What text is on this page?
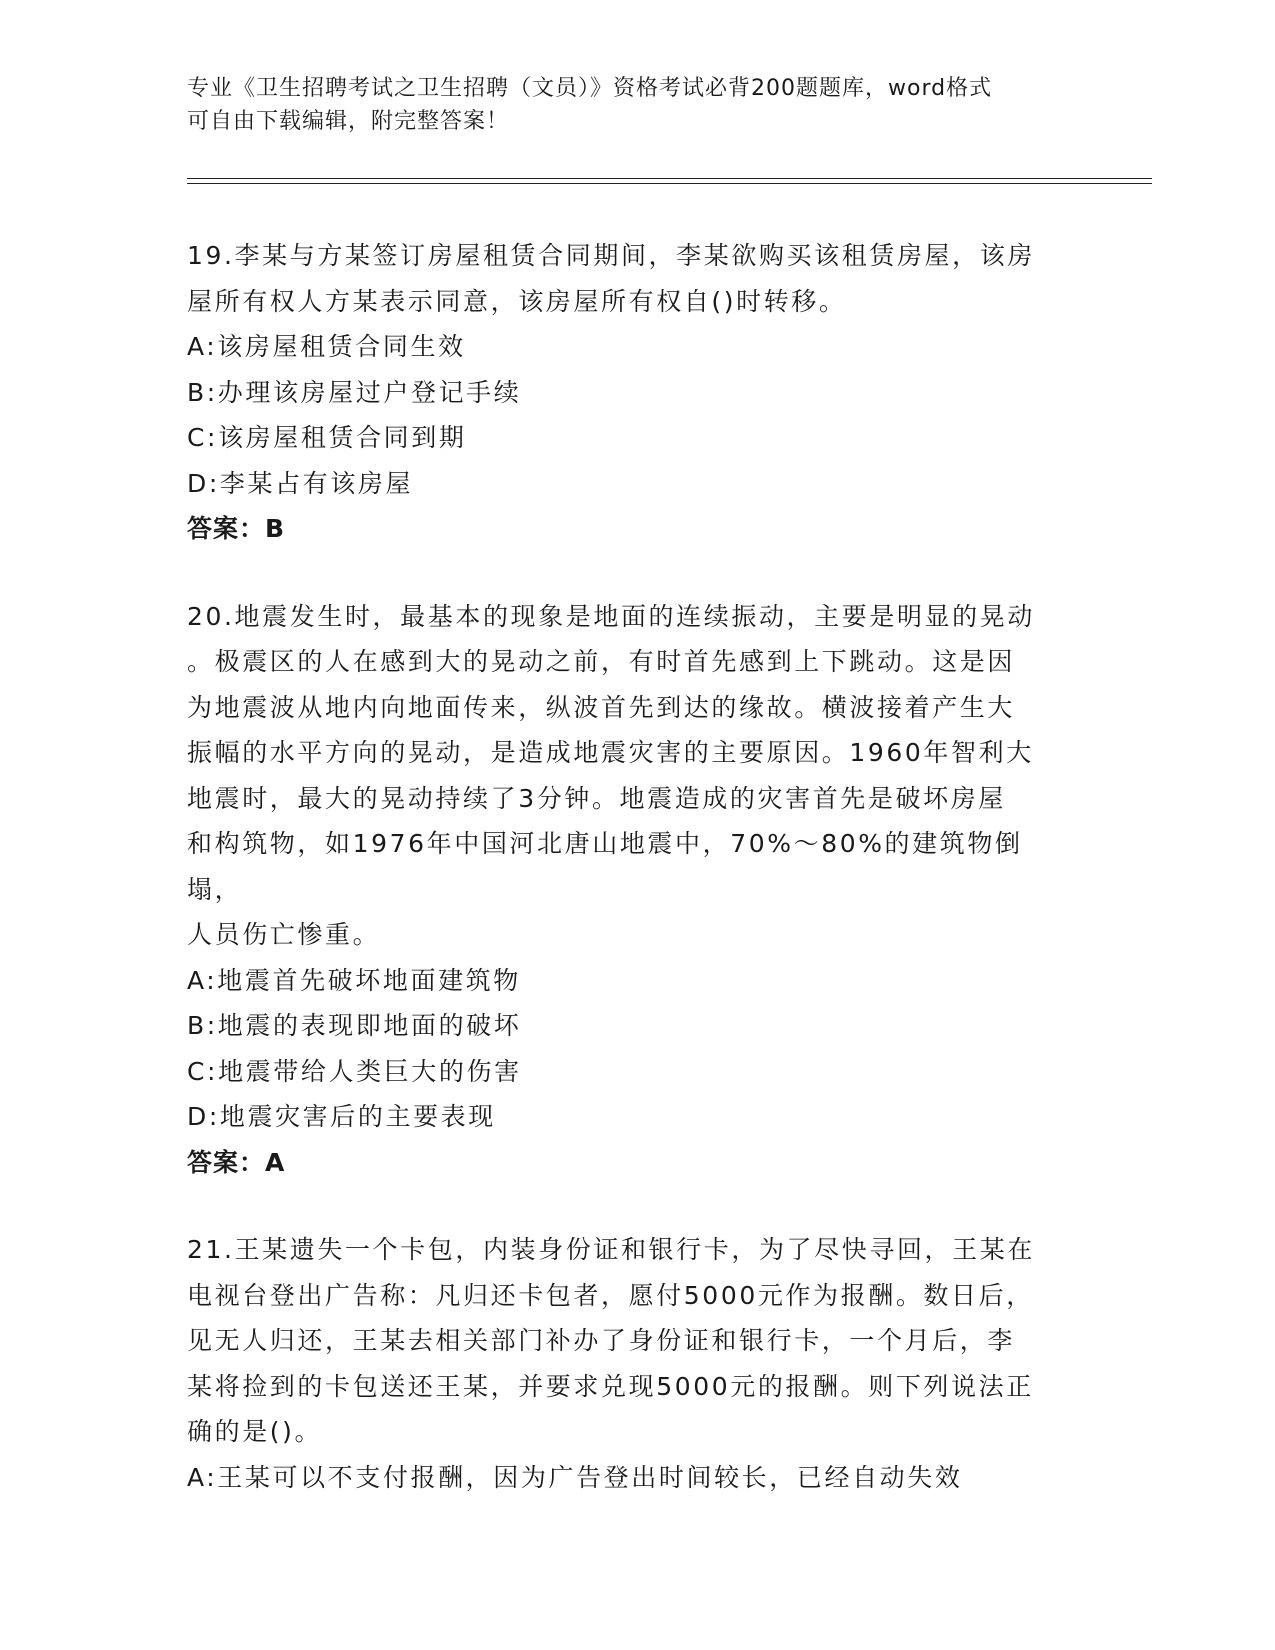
专业《卫生招聘考试之卫生招聘（文员）》资格考试必背200题题库，word格式
可自由下载编辑，附完整答案！

19.李某与方某签订房屋租赁合同期间，李某欲购买该租赁房屋，该房

屋所有权人方某表示同意，该房屋所有权自()时转移。

A:该房屋租赁合同生效

B:办理该房屋过户登记手续

C:该房屋租赁合同到期

D:李某占有该房屋

答案：B

20.地震发生时，最基本的现象是地面的连续振动，主要是明显的晃动

。极震区的人在感到大的晃动之前，有时首先感到上下跳动。这是因

为地震波从地内向地面传来，纵波首先到达的缘故。横波接着产生大

振幅的水平方向的晃动，是造成地震灾害的主要原因。1960年智利大

地震时，最大的晃动持续了3分钟。地震造成的灾害首先是破坏房屋

和构筑物，如1976年中国河北唐山地震中，70%～80%的建筑物倒塌，

人员伤亡惨重。

A:地震首先破坏地面建筑物

B:地震的表现即地面的破坏

C:地震带给人类巨大的伤害

D:地震灾害后的主要表现

答案：A

21.王某遗失一个卡包，内装身份证和银行卡，为了尽快寻回，王某在

电视台登出广告称：凡归还卡包者，愿付5000元作为报酬。数日后，

见无人归还，王某去相关部门补办了身份证和银行卡，一个月后，李

某将捡到的卡包送还王某，并要求兑现5000元的报酬。则下列说法正

确的是()。

A:王某可以不支付报酬，因为广告登出时间较长，已经自动失效
